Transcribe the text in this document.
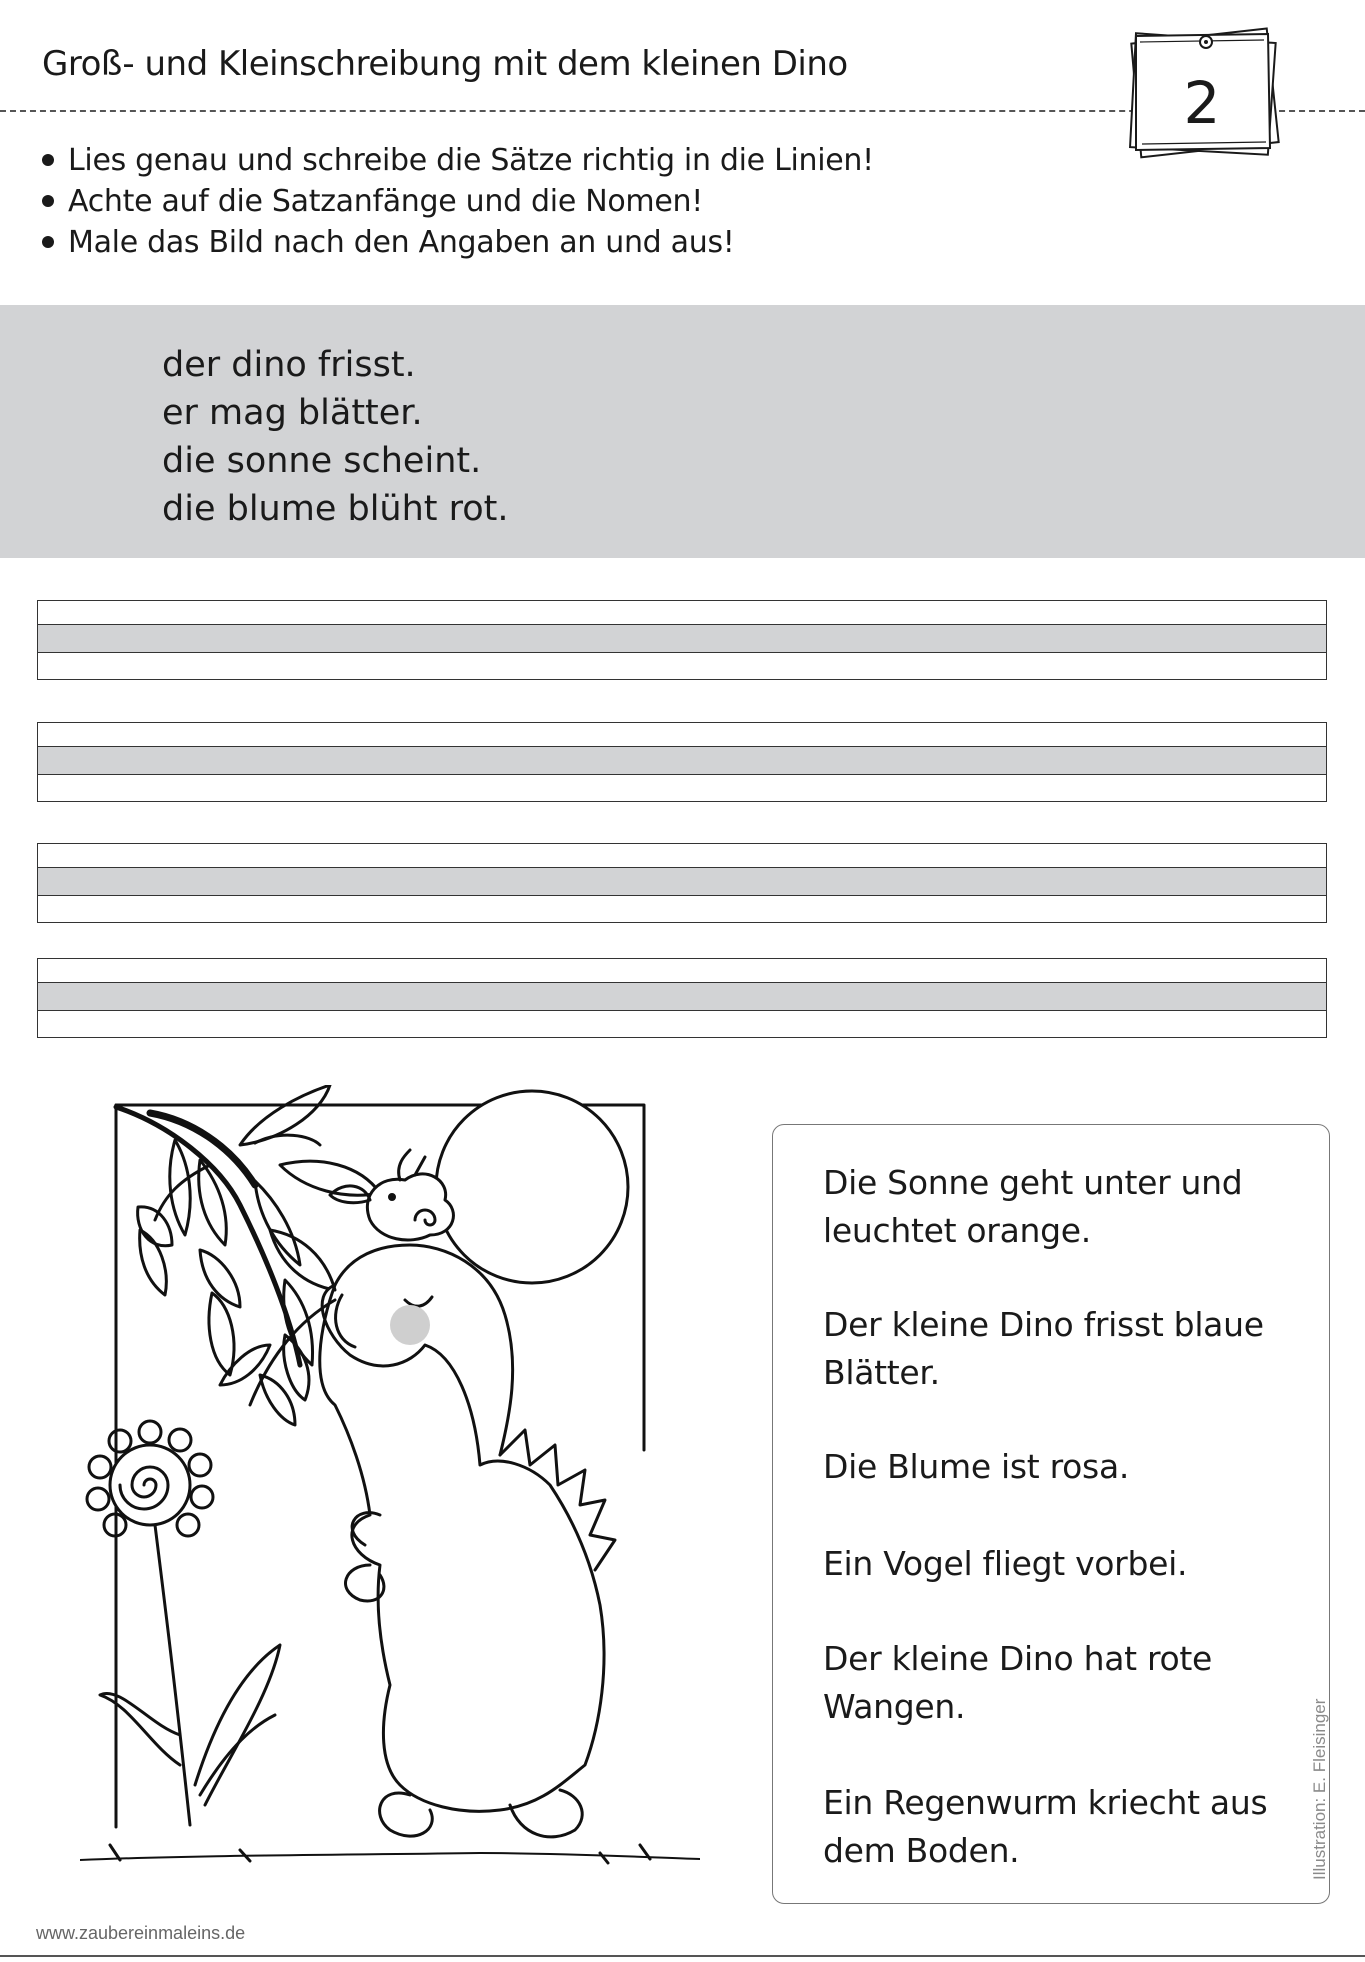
Groß- und Kleinschreibung mit dem kleinen Dino
2
Lies genau und schreibe die Sätze richtig in die Linien!
Achte auf die Satzanfänge und die Nomen!
Male das Bild nach den Angaben an und aus!
der dino frisst.
er mag blätter.
die sonne scheint.
die blume blüht rot.
Die Sonne geht unter und leuchtet orange.
Der kleine Dino frisst blaue Blätter.
Die Blume ist rosa.
Ein Vogel fliegt vorbei.
Der kleine Dino hat rote Wangen.
Ein Regenwurm kriecht aus dem Boden.	Illustration: E. Fleisinger
www.zaubereinmaleins.de
